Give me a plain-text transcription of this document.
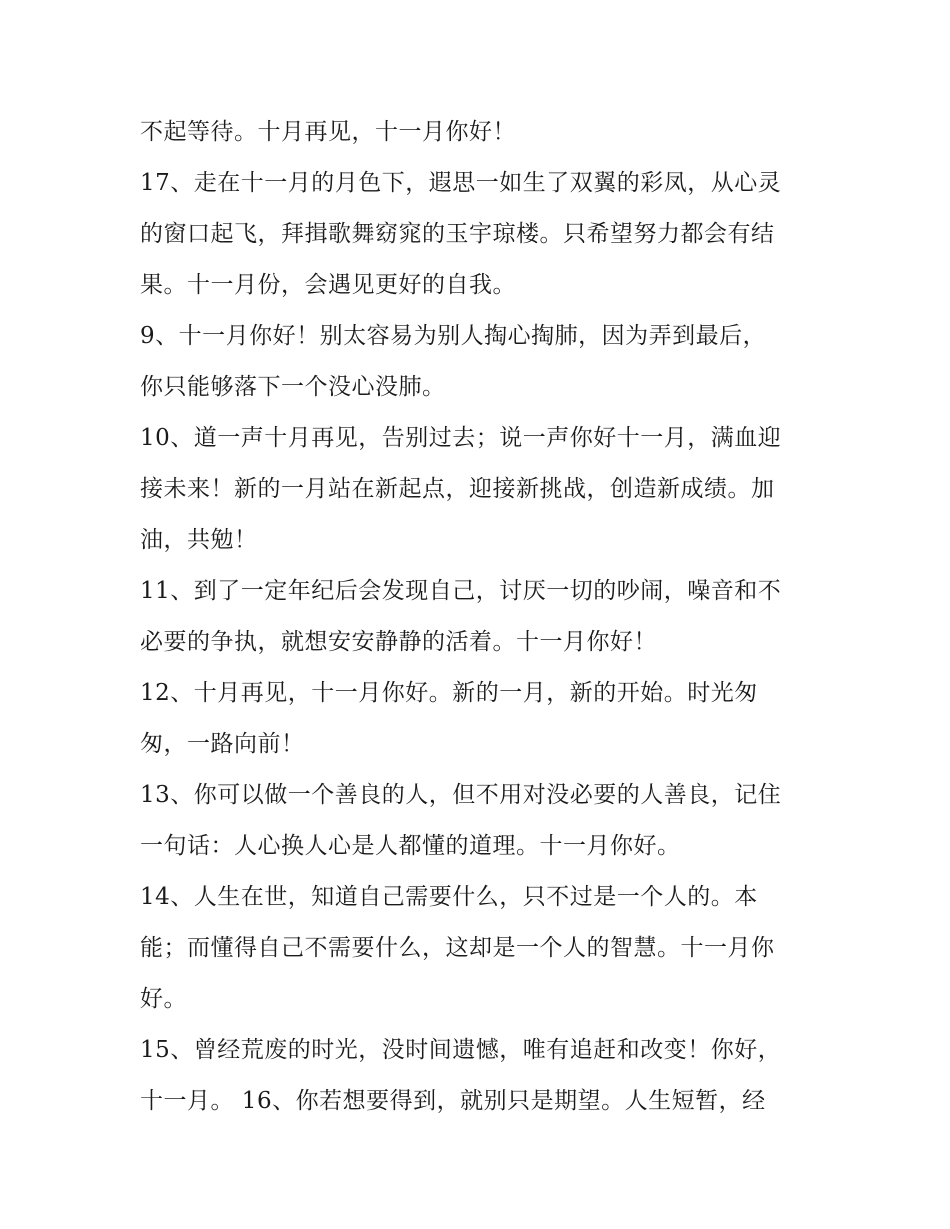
不起等待。十月再见，十一月你好！
17、走在十一月的月色下，遐思一如生了双翼的彩凤，从心灵
的窗口起飞，拜揖歌舞窈窕的玉宇琼楼。只希望努力都会有结
果。十一月份，会遇见更好的自我。
9、十一月你好！别太容易为别人掏心掏肺，因为弄到最后，
你只能够落下一个没心没肺。
10、道一声十月再见，告别过去；说一声你好十一月，满血迎
接未来！新的一月站在新起点，迎接新挑战，创造新成绩。加
油，共勉！
11、到了一定年纪后会发现自己，讨厌一切的吵闹，噪音和不
必要的争执，就想安安静静的活着。十一月你好！
12、十月再见，十一月你好。新的一月，新的开始。时光匆
匆，一路向前！
13、你可以做一个善良的人，但不用对没必要的人善良，记住
一句话：人心换人心是人都懂的道理。十一月你好。
14、人生在世，知道自己需要什么，只不过是一个人的。本
能；而懂得自己不需要什么，这却是一个人的智慧。十一月你
好。
15、曾经荒废的时光，没时间遗憾，唯有追赶和改变！你好，
十一月。 16、你若想要得到，就别只是期望。人生短暂，经
